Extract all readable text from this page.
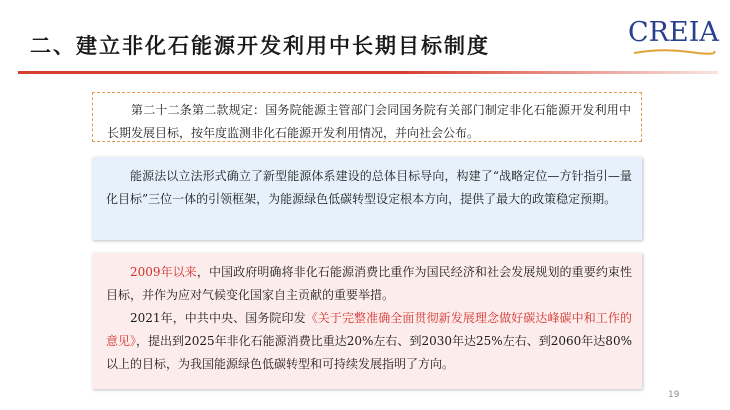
二、建立非化石能源开发利用中长期目标制度	CREIA

第二十二条第二款规定：国务院能源主管部门会同国务院有关部门制定非化石能源开发利用中长期发展目标，按年度监测非化石能源开发利用情况，并向社会公布。

能源法以立法形式确立了新型能源体系建设的总体目标导向，构建了“战略定位—方针指引—量化目标”三位一体的引领框架，为能源绿色低碳转型设定根本方向，提供了最大的政策稳定预期。

2009年以来，中国政府明确将非化石能源消费比重作为国民经济和社会发展规划的重要约束性目标，并作为应对气候变化国家自主贡献的重要举措。

2021年，中共中央、国务院印发《关于完整准确全面贯彻新发展理念做好碳达峰碳中和工作的意见》，提出到2025年非化石能源消费比重达20%左右、到2030年达25%左右、到2060年达80%以上的目标，为我国能源绿色低碳转型和可持续发展指明了方向。

19
